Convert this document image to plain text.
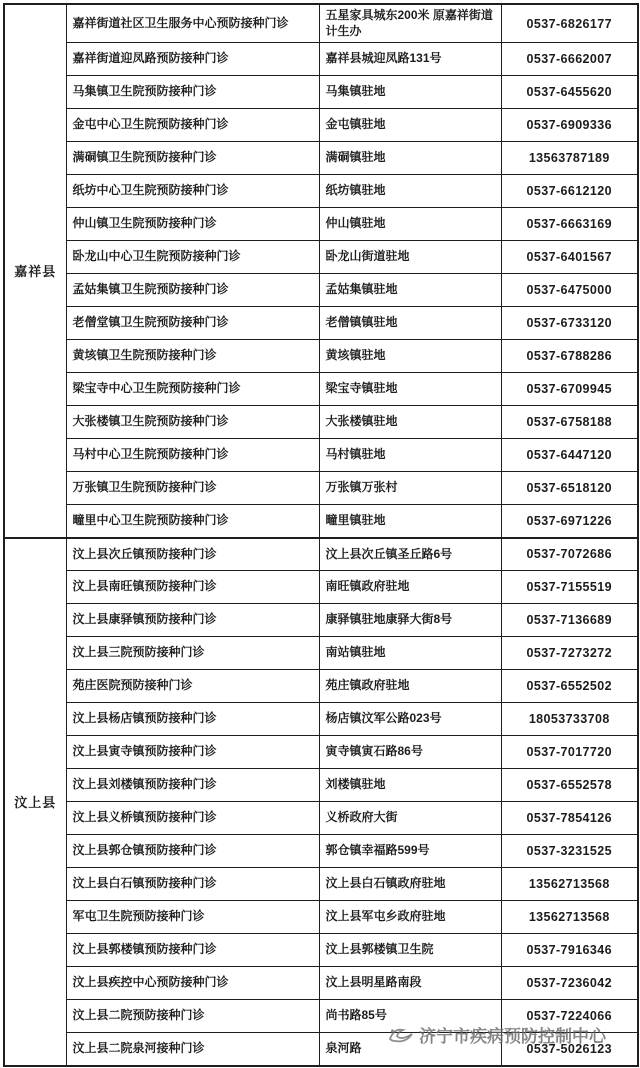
嘉祥县	嘉祥街道社区卫生服务中心预防接种门诊	五星家具城东200米 原嘉祥街道计生办	0537-6826177
	嘉祥街道迎凤路预防接种门诊	嘉祥县城迎凤路131号	0537-6662007
	马集镇卫生院预防接种门诊	马集镇驻地	0537-6455620
	金屯中心卫生院预防接种门诊	金屯镇驻地	0537-6909336
	满硐镇卫生院预防接种门诊	满硐镇驻地	13563787189
	纸坊中心卫生院预防接种门诊	纸坊镇驻地	0537-6612120
	仲山镇卫生院预防接种门诊	仲山镇驻地	0537-6663169
	卧龙山中心卫生院预防接种门诊	卧龙山街道驻地	0537-6401567
	孟姑集镇卫生院预防接种门诊	孟姑集镇驻地	0537-6475000
	老僧堂镇卫生院预防接种门诊	老僧镇镇驻地	0537-6733120
	黄垓镇卫生院预防接种门诊	黄垓镇驻地	0537-6788286
	梁宝寺中心卫生院预防接种门诊	梁宝寺镇驻地	0537-6709945
	大张楼镇卫生院预防接种门诊	大张楼镇驻地	0537-6758188
	马村中心卫生院预防接种门诊	马村镇驻地	0537-6447120
	万张镇卫生院预防接种门诊	万张镇万张村	0537-6518120
	疃里中心卫生院预防接种门诊	疃里镇驻地	0537-6971226
汶上县	汶上县次丘镇预防接种门诊	汶上县次丘镇圣丘路6号	0537-7072686
	汶上县南旺镇预防接种门诊	南旺镇政府驻地	0537-7155519
	汶上县康驿镇预防接种门诊	康驿镇驻地康驿大街8号	0537-7136689
	汶上县三院预防接种门诊	南站镇驻地	0537-7273272
	苑庄医院预防接种门诊	苑庄镇政府驻地	0537-6552502
	汶上县杨店镇预防接种门诊	杨店镇汶军公路023号	18053733708
	汶上县寅寺镇预防接种门诊	寅寺镇寅石路86号	0537-7017720
	汶上县刘楼镇预防接种门诊	刘楼镇驻地	0537-6552578
	汶上县义桥镇预防接种门诊	义桥政府大街	0537-7854126
	汶上县郭仓镇预防接种门诊	郭仓镇幸福路599号	0537-3231525
	汶上县白石镇预防接种门诊	汶上县白石镇政府驻地	13562713568
	军屯卫生院预防接种门诊	汶上县军屯乡政府驻地	13562713568
	汶上县郭楼镇预防接种门诊	汶上县郭楼镇卫生院	0537-7916346
	汶上县疾控中心预防接种门诊	汶上县明星路南段	0537-7236042
	汶上县二院预防接种门诊	尚书路85号	0537-7224066
	汶上县二院泉河接种门诊	泉河路	0537-5026123
济宁市疾病预防控制中心
